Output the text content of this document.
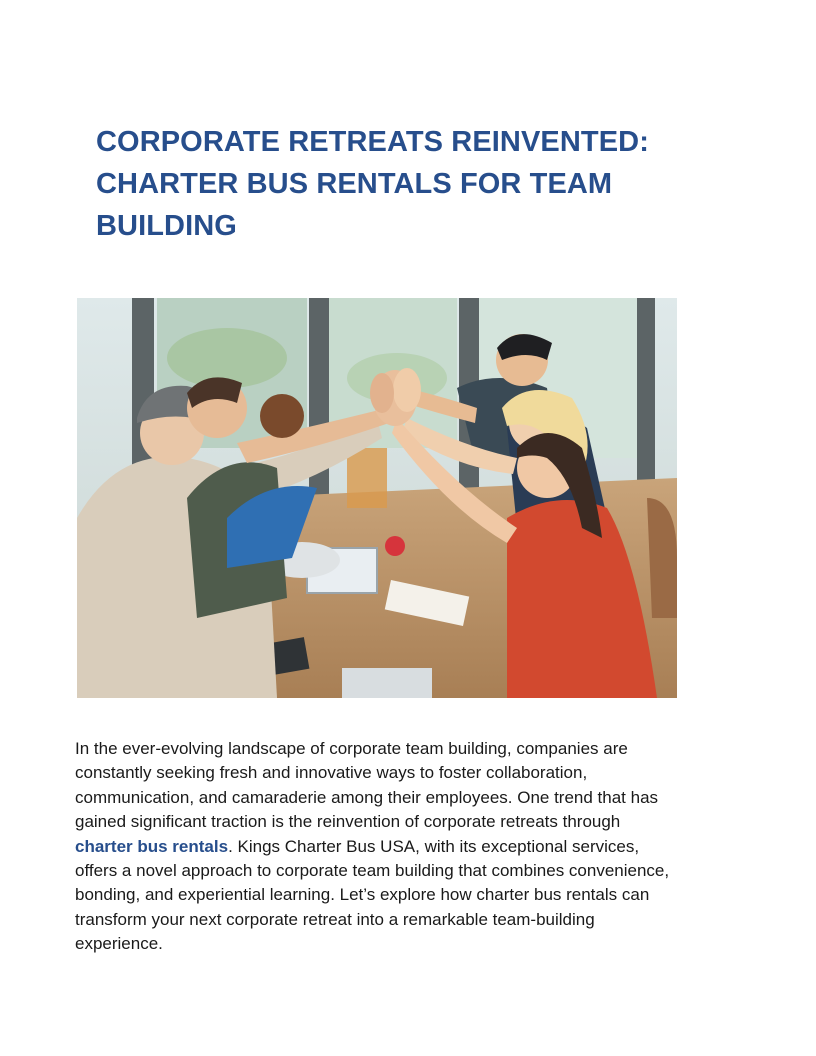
CORPORATE RETREATS REINVENTED:
CHARTER BUS RENTALS FOR TEAM
BUILDING

In the ever-evolving landscape of corporate team building, companies are
constantly seeking fresh and innovative ways to foster collaboration,
communication, and camaraderie among their employees. One trend that has
gained significant traction is the reinvention of corporate retreats through
charter bus rentals. Kings Charter Bus USA, with its exceptional services,
offers a novel approach to corporate team building that combines convenience,
bonding, and experiential learning. Let’s explore how charter bus rentals can
transform your next corporate retreat into a remarkable team-building
experience.
